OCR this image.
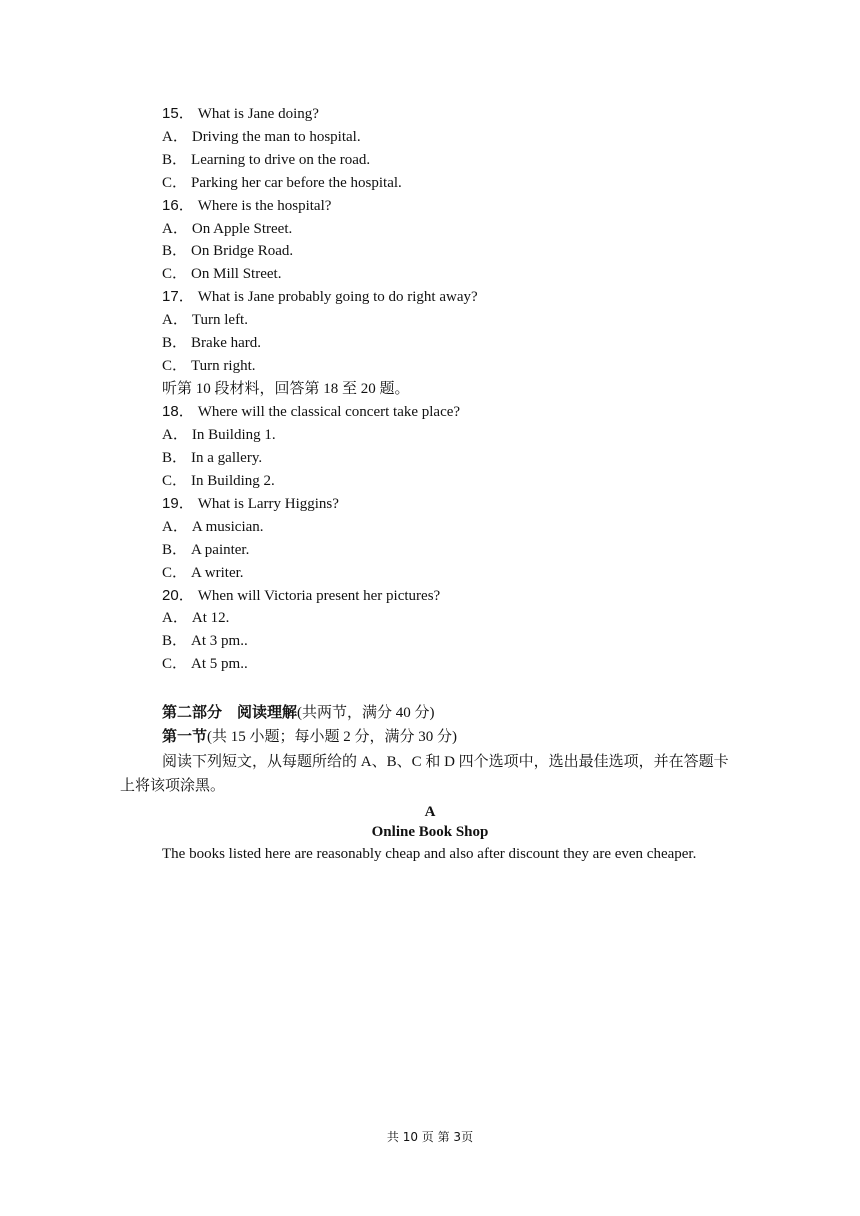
15． What is Jane doing?
A． Driving the man to hospital.
B． Learning to drive on the road.
C． Parking her car before the hospital.
16． Where is the hospital?
A． On Apple Street.
B． On Bridge Road.
C． On Mill Street.
17． What is Jane probably going to do right away?
A． Turn left.
B． Brake hard.
C． Turn right.
听第 10 段材料，回答第 18 至 20 题。
18． Where will the classical concert take place?
A． In Building 1.
B． In a gallery.
C． In Building 2.
19． What is Larry Higgins?
A． A musician.
B． A painter.
C． A writer.
20． When will Victoria present her pictures?
A． At 12.
B． At 3 pm..
C． At 5 pm..
第二部分　阅读理解(共两节，满分 40 分)
第一节(共 15 小题；每小题 2 分，满分 30 分)
阅读下列短文，从每题所给的 A、B、C 和 D 四个选项中，选出最佳选项，并在答题卡上将该项涂黑。
A
Online Book Shop
The books listed here are reasonably cheap and also after discount they are even cheaper.
共 10 页 第 3页
